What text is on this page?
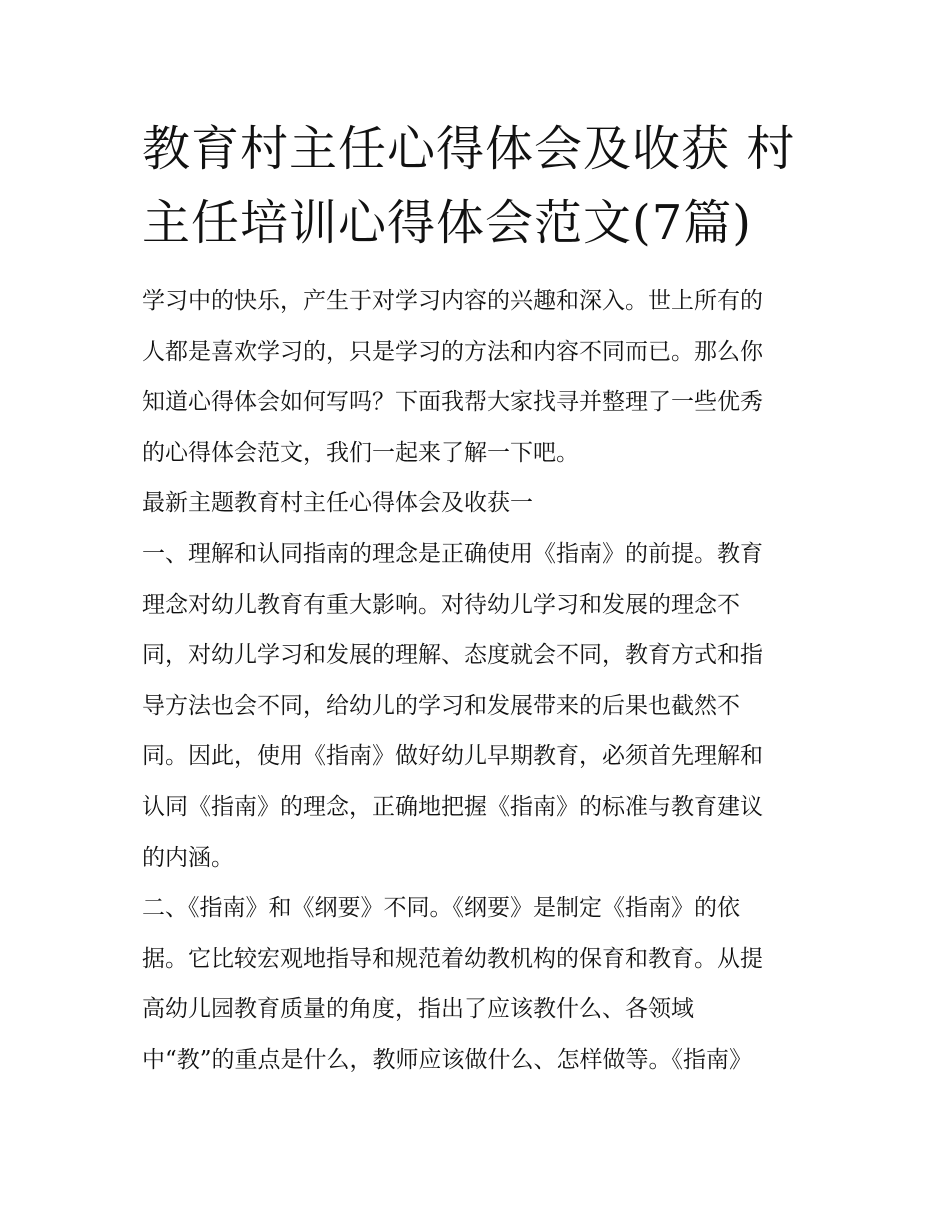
教育村主任心得体会及收获 村
主任培训心得体会范文(7篇)
学习中的快乐，产生于对学习内容的兴趣和深入。世上所有的
人都是喜欢学习的，只是学习的方法和内容不同而已。那么你
知道心得体会如何写吗？下面我帮大家找寻并整理了一些优秀
的心得体会范文，我们一起来了解一下吧。
最新主题教育村主任心得体会及收获一
一、理解和认同指南的理念是正确使用《指南》的前提。教育
理念对幼儿教育有重大影响。对待幼儿学习和发展的理念不
同，对幼儿学习和发展的理解、态度就会不同，教育方式和指
导方法也会不同，给幼儿的学习和发展带来的后果也截然不
同。因此，使用《指南》做好幼儿早期教育，必须首先理解和
认同《指南》的理念，正确地把握《指南》的标准与教育建议
的内涵。
二、《指南》和《纲要》不同。《纲要》是制定《指南》的依
据。它比较宏观地指导和规范着幼教机构的保育和教育。从提
高幼儿园教育质量的角度，指出了应该教什么、各领域
中“教”的重点是什么，教师应该做什么、怎样做等。《指南》
